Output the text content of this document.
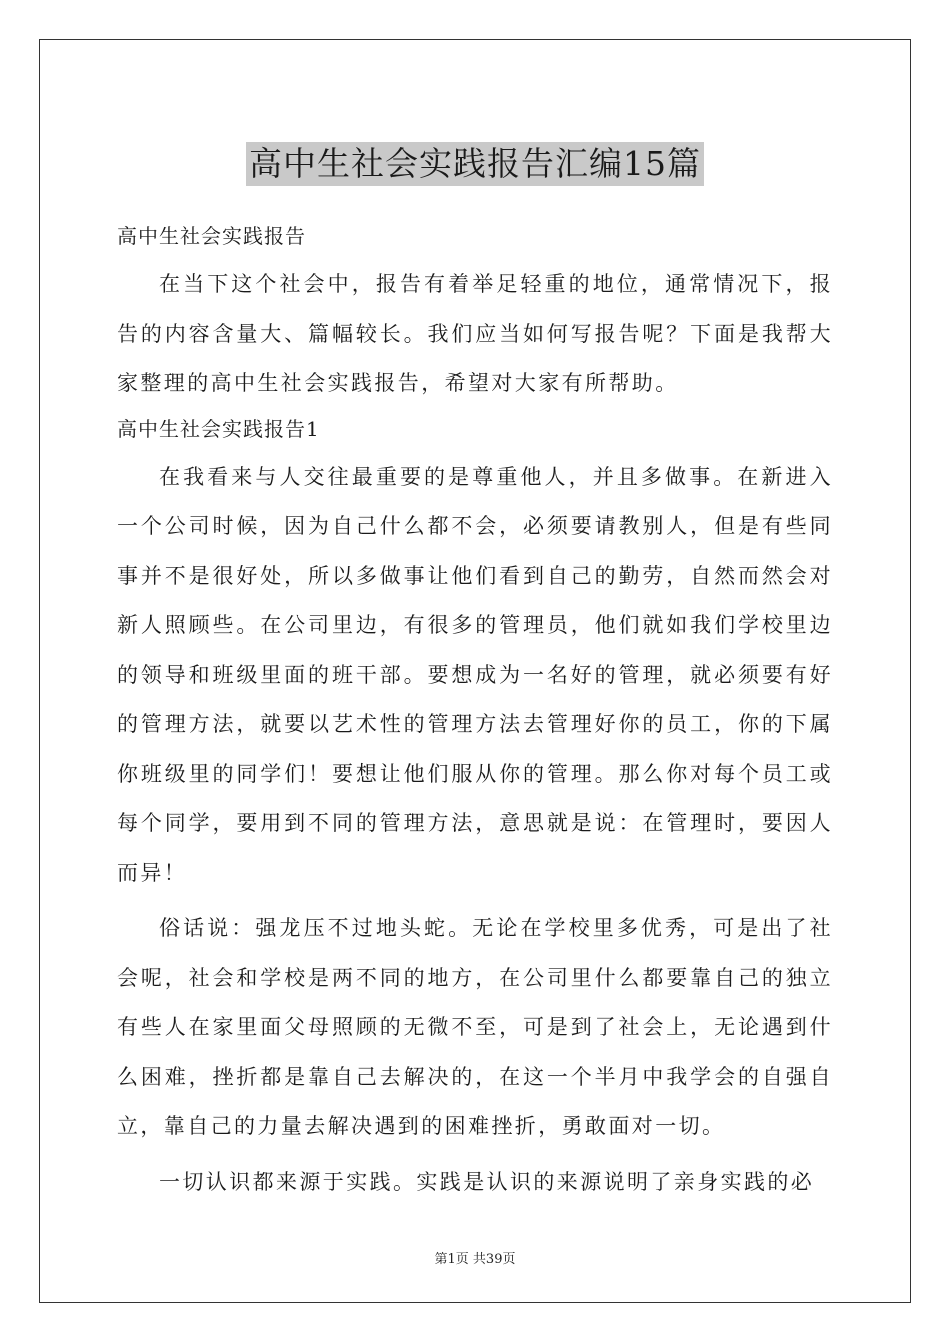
高中生社会实践报告汇编15篇

高中生社会实践报告

在当下这个社会中，报告有着举足轻重的地位，通常情况下，报告的内容含量大、篇幅较长。我们应当如何写报告呢？下面是我帮大家整理的高中生社会实践报告，希望对大家有所帮助。

高中生社会实践报告1

在我看来与人交往最重要的是尊重他人，并且多做事。在新进入一个公司时候，因为自己什么都不会，必须要请教别人，但是有些同事并不是很好处，所以多做事让他们看到自己的勤劳，自然而然会对新人照顾些。在公司里边，有很多的管理员，他们就如我们学校里边的领导和班级里面的班干部。要想成为一名好的管理，就必须要有好的管理方法，就要以艺术性的管理方法去管理好你的员工，你的下属你班级里的同学们！要想让他们服从你的管理。那么你对每个员工或每个同学，要用到不同的管理方法，意思就是说：在管理时，要因人而异！

俗话说：强龙压不过地头蛇。无论在学校里多优秀，可是出了社会呢，社会和学校是两不同的地方，在公司里什么都要靠自己的独立有些人在家里面父母照顾的无微不至，可是到了社会上，无论遇到什么困难，挫折都是靠自己去解决的，在这一个半月中我学会的自强自立，靠自己的力量去解决遇到的困难挫折，勇敢面对一切。

一切认识都来源于实践。实践是认识的来源说明了亲身实践的必

第1页 共39页
